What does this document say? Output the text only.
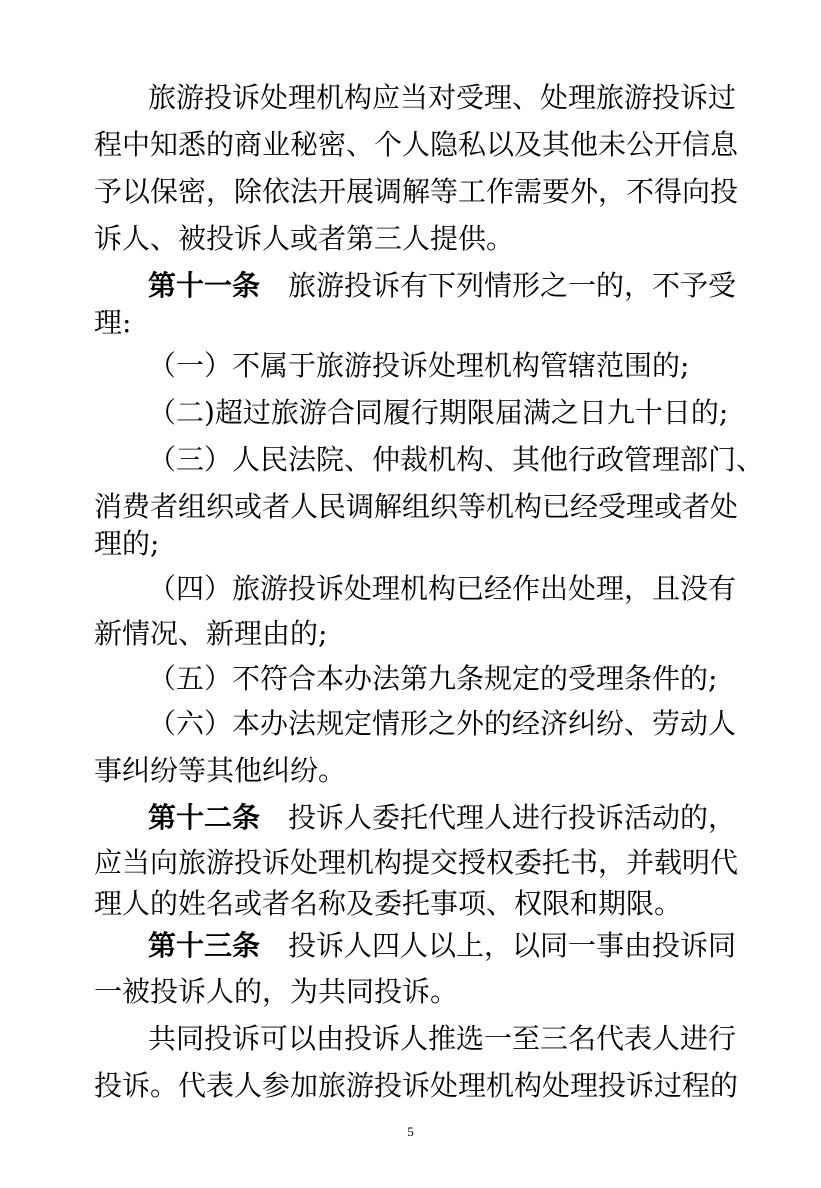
旅游投诉处理机构应当对受理、处理旅游投诉过
程中知悉的商业秘密、个人隐私以及其他未公开信息
予以保密，除依法开展调解等工作需要外，不得向投
诉人、被投诉人或者第三人提供。
第十一条 旅游投诉有下列情形之一的，不予受
理:
（一）不属于旅游投诉处理机构管辖范围的;
（二)超过旅游合同履行期限届满之日九十日的;
（三）人民法院、仲裁机构、其他行政管理部门、
消费者组织或者人民调解组织等机构已经受理或者处
理的;
（四）旅游投诉处理机构已经作出处理，且没有
新情况、新理由的;
（五）不符合本办法第九条规定的受理条件的;
（六）本办法规定情形之外的经济纠纷、劳动人
事纠纷等其他纠纷。
第十二条 投诉人委托代理人进行投诉活动的，
应当向旅游投诉处理机构提交授权委托书，并载明代
理人的姓名或者名称及委托事项、权限和期限。
第十三条 投诉人四人以上，以同一事由投诉同
一被投诉人的，为共同投诉。
共同投诉可以由投诉人推选一至三名代表人进行
投诉。代表人参加旅游投诉处理机构处理投诉过程的
5
